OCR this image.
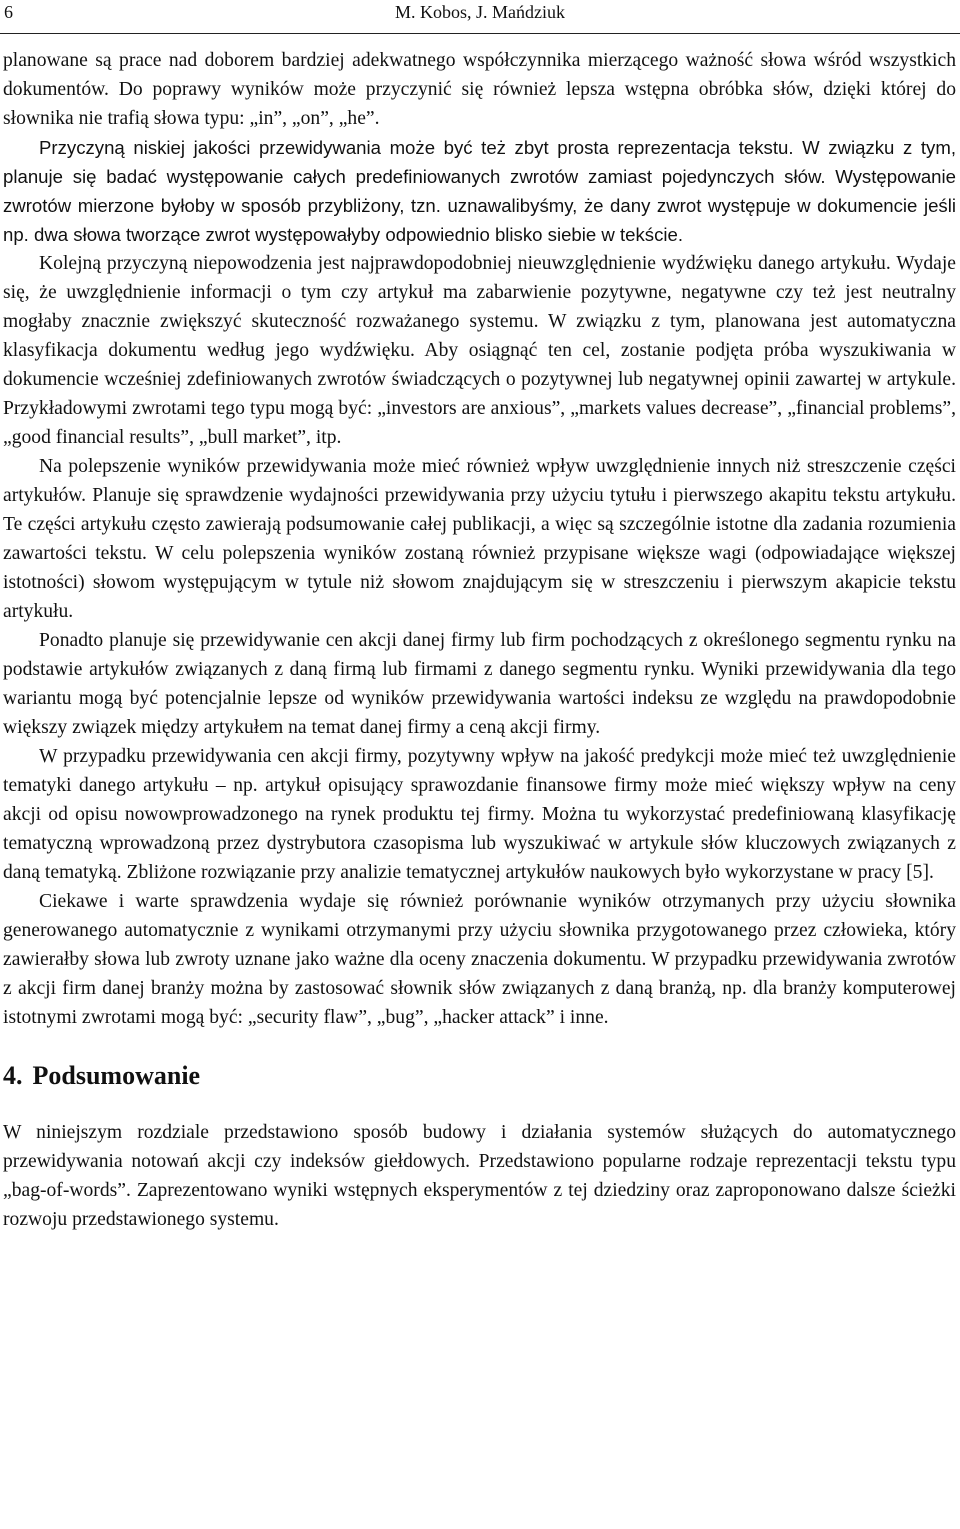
6	M. Kobos, J. Mańdziuk

planowane są prace nad doborem bardziej adekwatnego współczynnika mierzącego ważność słowa wśród wszystkich dokumentów. Do poprawy wyników może przyczynić się również lepsza wstępna obróbka słów, dzięki której do słownika nie trafią słowa typu: „in”, „on”, „he”.

Przyczyną niskiej jakości przewidywania może być też zbyt prosta reprezentacja tekstu. W związku z tym, planuje się badać występowanie całych predefiniowanych zwrotów zamiast pojedynczych słów. Występowanie zwrotów mierzone byłoby w sposób przybliżony, tzn. uznawalibyśmy, że dany zwrot występuje w dokumencie jeśli np. dwa słowa tworzące zwrot występowałyby odpowiednio blisko siebie w tekście.

Kolejną przyczyną niepowodzenia jest najprawdopodobniej nieuwzględnienie wydźwięku danego artykułu. Wydaje się, że uwzględnienie informacji o tym czy artykuł ma zabarwienie pozytywne, negatywne czy też jest neutralny mogłaby znacznie zwiększyć skuteczność rozważanego systemu. W związku z tym, planowana jest automatyczna klasyfikacja dokumentu według jego wydźwięku. Aby osiągnąć ten cel, zostanie podjęta próba wyszukiwania w dokumencie wcześniej zdefiniowanych zwrotów świadczących o pozytywnej lub negatywnej opinii zawartej w artykule. Przykładowymi zwrotami tego typu mogą być: „investors are anxious”, „markets values decrease”, „financial problems”, „good financial results”, „bull market”, itp.

Na polepszenie wyników przewidywania może mieć również wpływ uwzględnienie innych niż streszczenie części artykułów. Planuje się sprawdzenie wydajności przewidywania przy użyciu tytułu i pierwszego akapitu tekstu artykułu. Te części artykułu często zawierają podsumowanie całej publikacji, a więc są szczególnie istotne dla zadania rozumienia zawartości tekstu. W celu polepszenia wyników zostaną również przypisane większe wagi (odpowiadające większej istotności) słowom występującym w tytule niż słowom znajdującym się w streszczeniu i pierwszym akapicie tekstu artykułu.

Ponadto planuje się przewidywanie cen akcji danej firmy lub firm pochodzących z określonego segmentu rynku na podstawie artykułów związanych z daną firmą lub firmami z danego segmentu rynku. Wyniki przewidywania dla tego wariantu mogą być potencjalnie lepsze od wyników przewidywania wartości indeksu ze względu na prawdopodobnie większy związek między artykułem na temat danej firmy a ceną akcji firmy.

W przypadku przewidywania cen akcji firmy, pozytywny wpływ na jakość predykcji może mieć też uwzględnienie tematyki danego artykułu – np. artykuł opisujący sprawozdanie finansowe firmy może mieć większy wpływ na ceny akcji od opisu nowowprowadzonego na rynek produktu tej firmy. Można tu wykorzystać predefiniowaną klasyfikację tematyczną wprowadzoną przez dystrybutora czasopisma lub wyszukiwać w artykule słów kluczowych związanych z daną tematyką. Zbliżone rozwiązanie przy analizie tematycznej artykułów naukowych było wykorzystane w pracy [5].

Ciekawe i warte sprawdzenia wydaje się również porównanie wyników otrzymanych przy użyciu słownika generowanego automatycznie z wynikami otrzymanymi przy użyciu słownika przygotowanego przez człowieka, który zawierałby słowa lub zwroty uznane jako ważne dla oceny znaczenia dokumentu. W przypadku przewidywania zwrotów z akcji firm danej branży można by zastosować słownik słów związanych z daną branżą, np. dla branży komputerowej istotnymi zwrotami mogą być: „security flaw”, „bug”, „hacker attack” i inne.

4. Podsumowanie

W niniejszym rozdziale przedstawiono sposób budowy i działania systemów służących do automatycznego przewidywania notowań akcji czy indeksów giełdowych. Przedstawiono popularne rodzaje reprezentacji tekstu typu „bag-of-words”. Zaprezentowano wyniki wstępnych eksperymentów z tej dziedziny oraz zaproponowano dalsze ścieżki rozwoju przedstawionego systemu.
